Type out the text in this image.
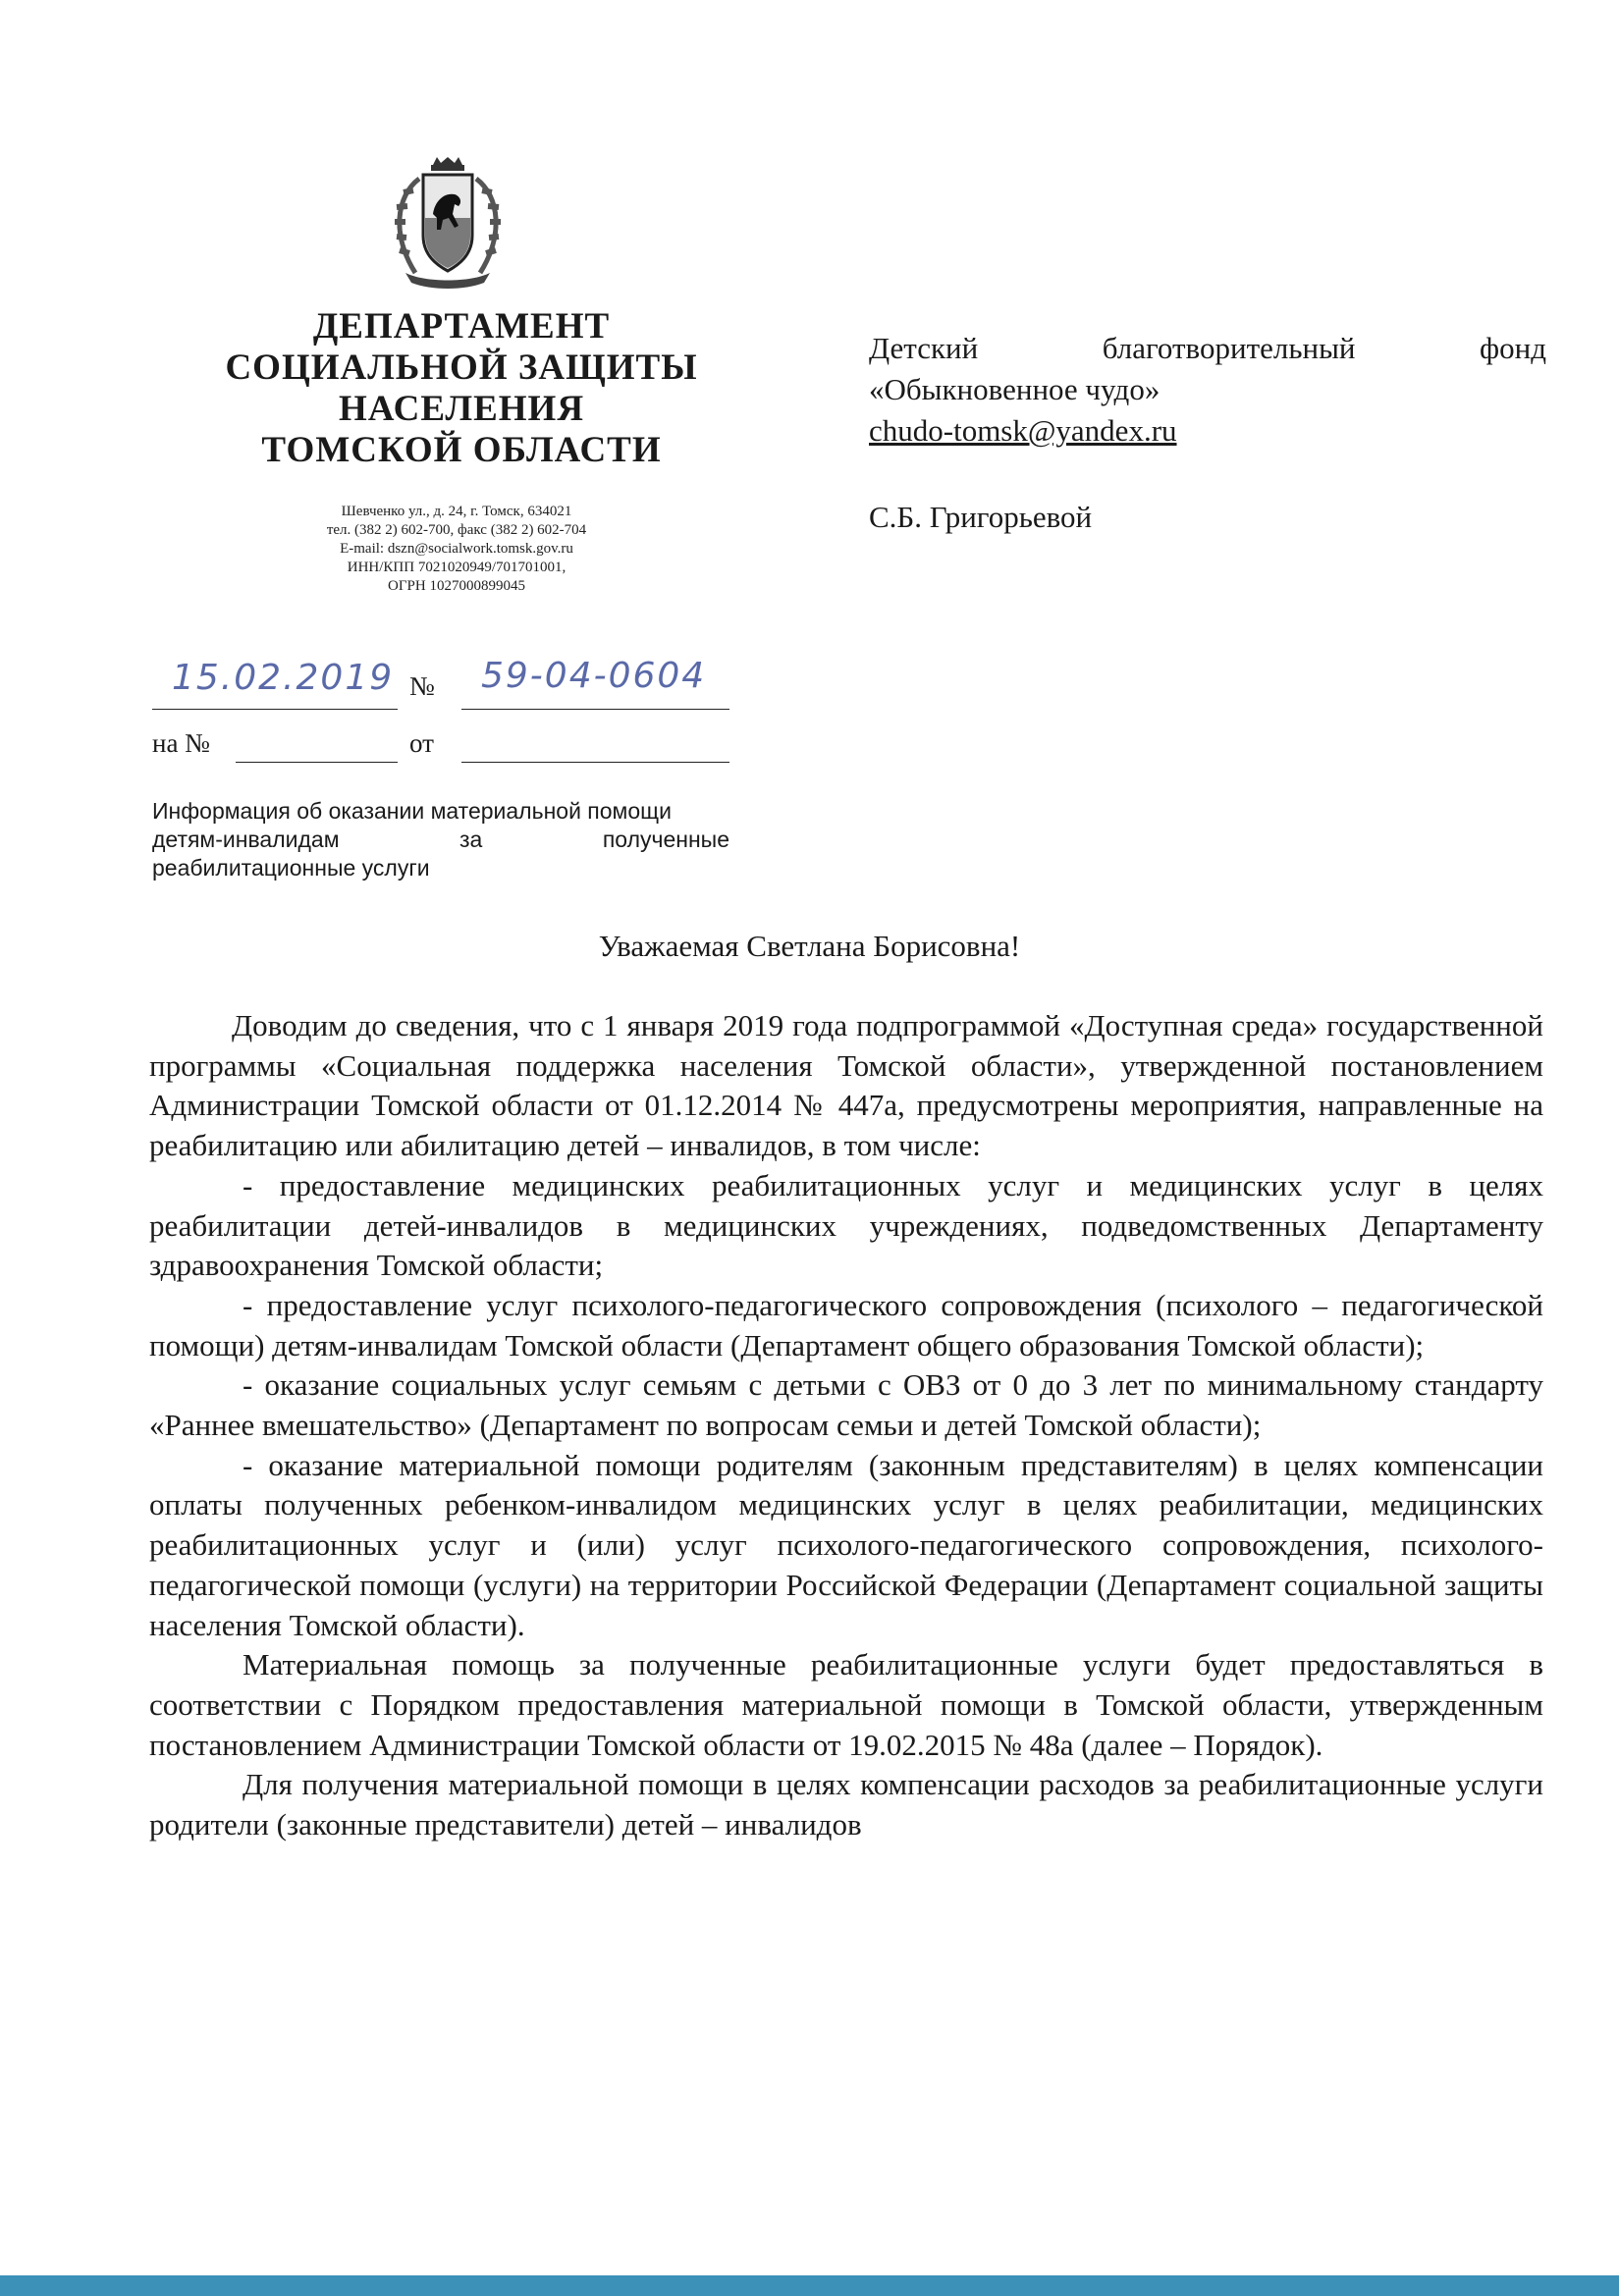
ДЕПАРТАМЕНТ
СОЦИАЛЬНОЙ ЗАЩИТЫ
НАСЕЛЕНИЯ
ТОМСКОЙ ОБЛАСТИ
Шевченко ул., д. 24, г. Томск, 634021
тел. (382 2) 602-700, факс (382 2) 602-704
E-mail: dszn@socialwork.tomsk.gov.ru
ИНН/КПП 7021020949/701701001,
ОГРН 1027000899045
Детский	благотворительный	фонд
«Обыкновенное чудо»
chudo-tomsk@yandex.ru
С.Б. Григорьевой
15.02.2019 № 59-04-0604
на №	от
Информация об оказании материальной помощи
детям-инвалидам	за	полученные
реабилитационные услуги
Уважаемая Светлана Борисовна!

Доводим до сведения, что с 1 января 2019 года подпрограммой «Доступная среда» государственной программы «Социальная поддержка населения Томской области», утвержденной постановлением Администрации Томской области от 01.12.2014 № 447а, предусмотрены мероприятия, направленные на реабилитацию или абилитацию детей – инвалидов, в том числе:

- предоставление медицинских реабилитационных услуг и медицинских услуг в целях реабилитации детей-инвалидов в медицинских учреждениях, подведомственных Департаменту здравоохранения Томской области;

- предоставление услуг психолого-педагогического сопровождения (психолого – педагогической помощи) детям-инвалидам Томской области (Департамент общего образования Томской области);

- оказание социальных услуг семьям с детьми с ОВЗ от 0 до 3 лет по минимальному стандарту «Раннее вмешательство» (Департамент по вопросам семьи и детей Томской области);

- оказание материальной помощи родителям (законным представителям) в целях компенсации оплаты полученных ребенком-инвалидом медицинских услуг в целях реабилитации, медицинских реабилитационных услуг и (или) услуг психолого-педагогического сопровождения, психолого-педагогической помощи (услуги) на территории Российской Федерации (Департамент социальной защиты населения Томской области).

Материальная помощь за полученные реабилитационные услуги будет предоставляться в соответствии с Порядком предоставления материальной помощи в Томской области, утвержденным постановлением Администрации Томской области от 19.02.2015 № 48а (далее – Порядок).

Для получения материальной помощи в целях компенсации расходов за реабилитационные услуги родители (законные представители) детей – инвалидов
